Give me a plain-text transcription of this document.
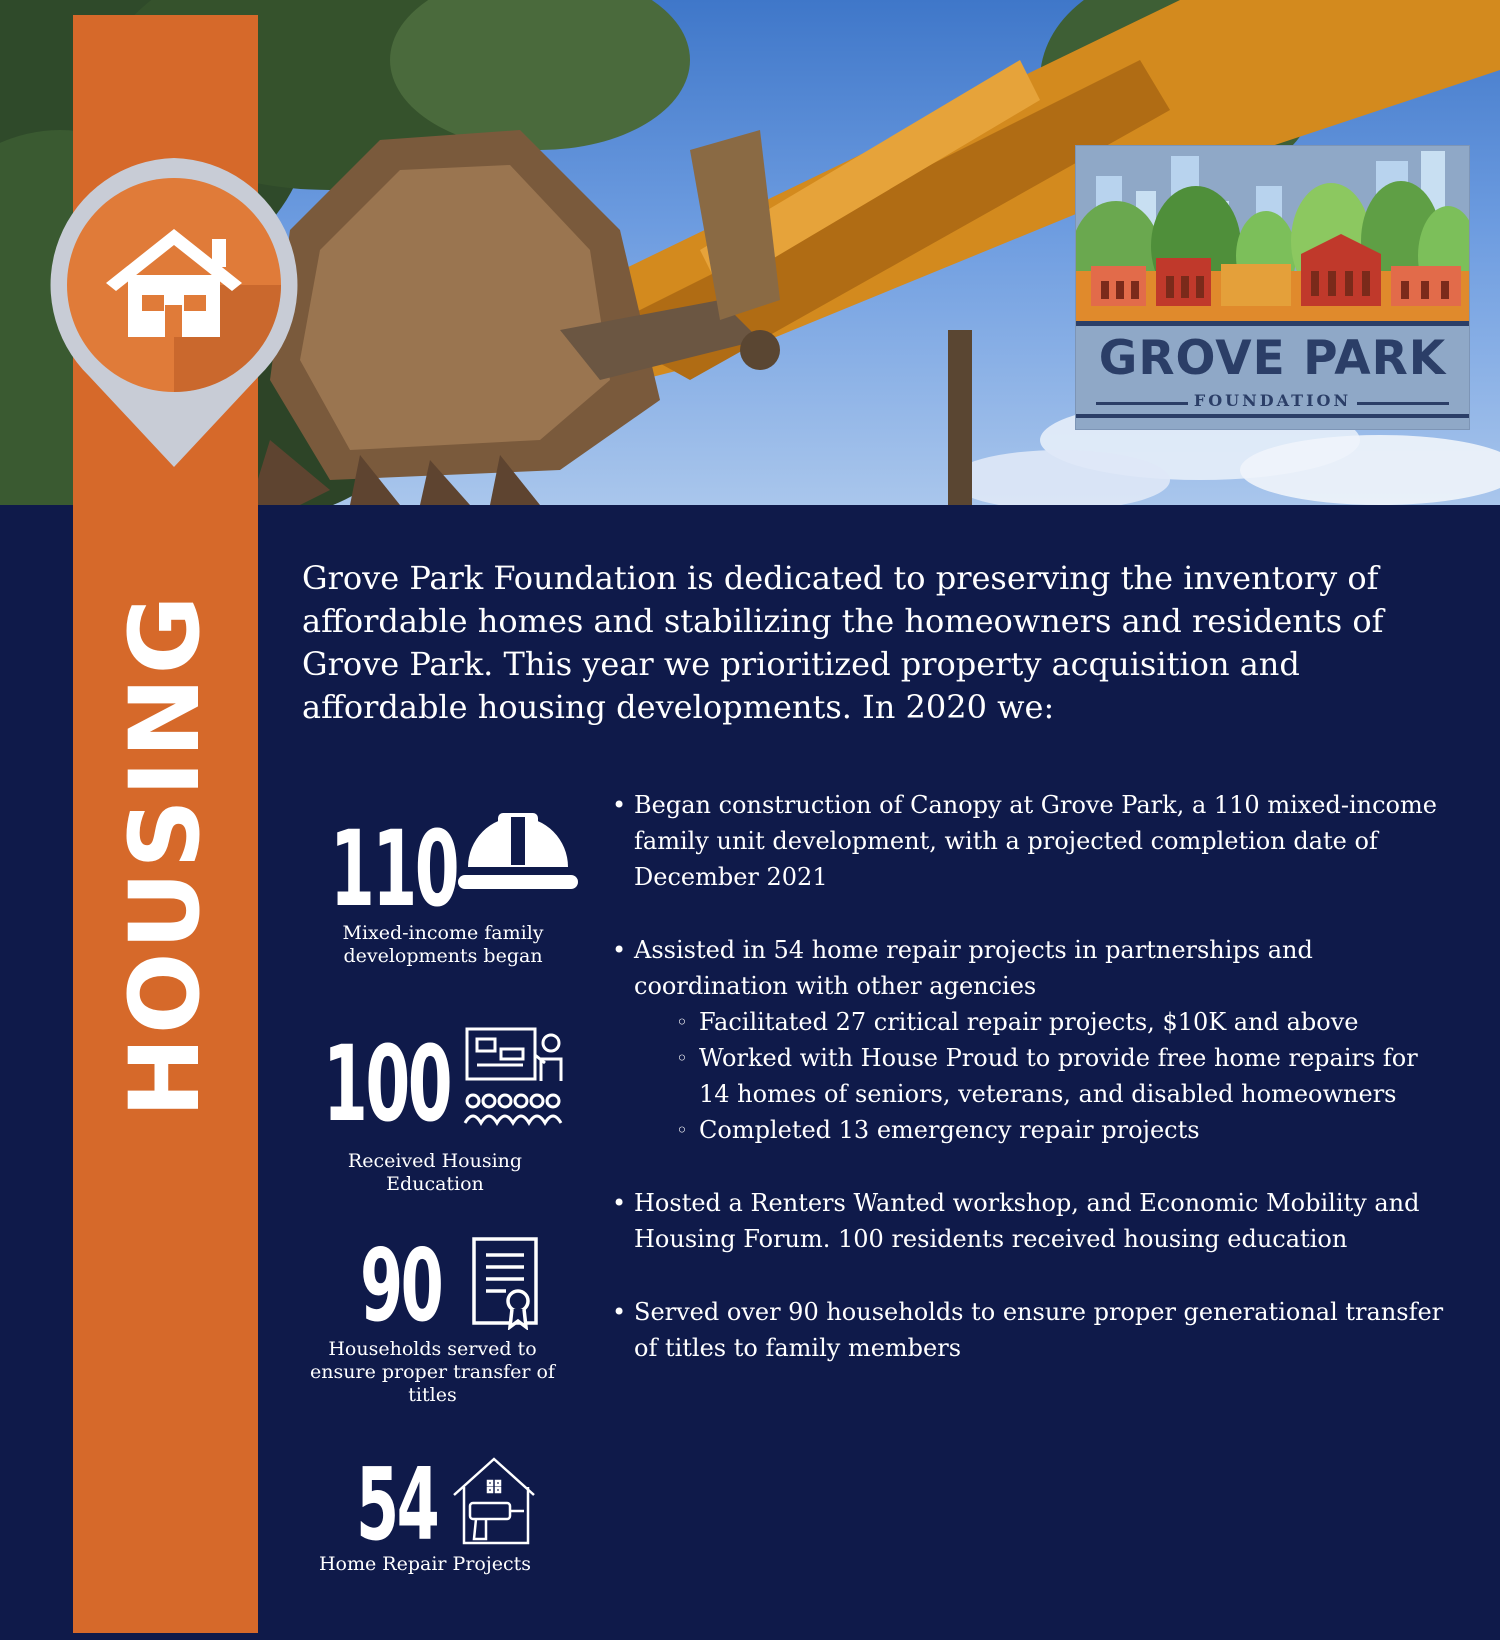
GROVE PARK
FOUNDATION
HOUSING

Grove Park Foundation is dedicated to preserving the inventory of affordable homes and stabilizing the homeowners and residents of Grove Park. This year we prioritized property acquisition and affordable housing developments. In 2020 we:

110
Mixed-income family developments began
100
Received Housing Education
90
Households served to ensure proper transfer of titles
54
Home Repair Projects
• Began construction of Canopy at Grove Park, a 110 mixed-income family unit development, with a projected completion date of December 2021
• Assisted in 54 home repair projects in partnerships and coordination with other agencies
◦ Facilitated 27 critical repair projects, $10K and above
◦ Worked with House Proud to provide free home repairs for 14 homes of seniors, veterans, and disabled homeowners
◦ Completed 13 emergency repair projects
• Hosted a Renters Wanted workshop, and Economic Mobility and Housing Forum. 100 residents received housing education
• Served over 90 households to ensure proper generational transfer of titles to family members
